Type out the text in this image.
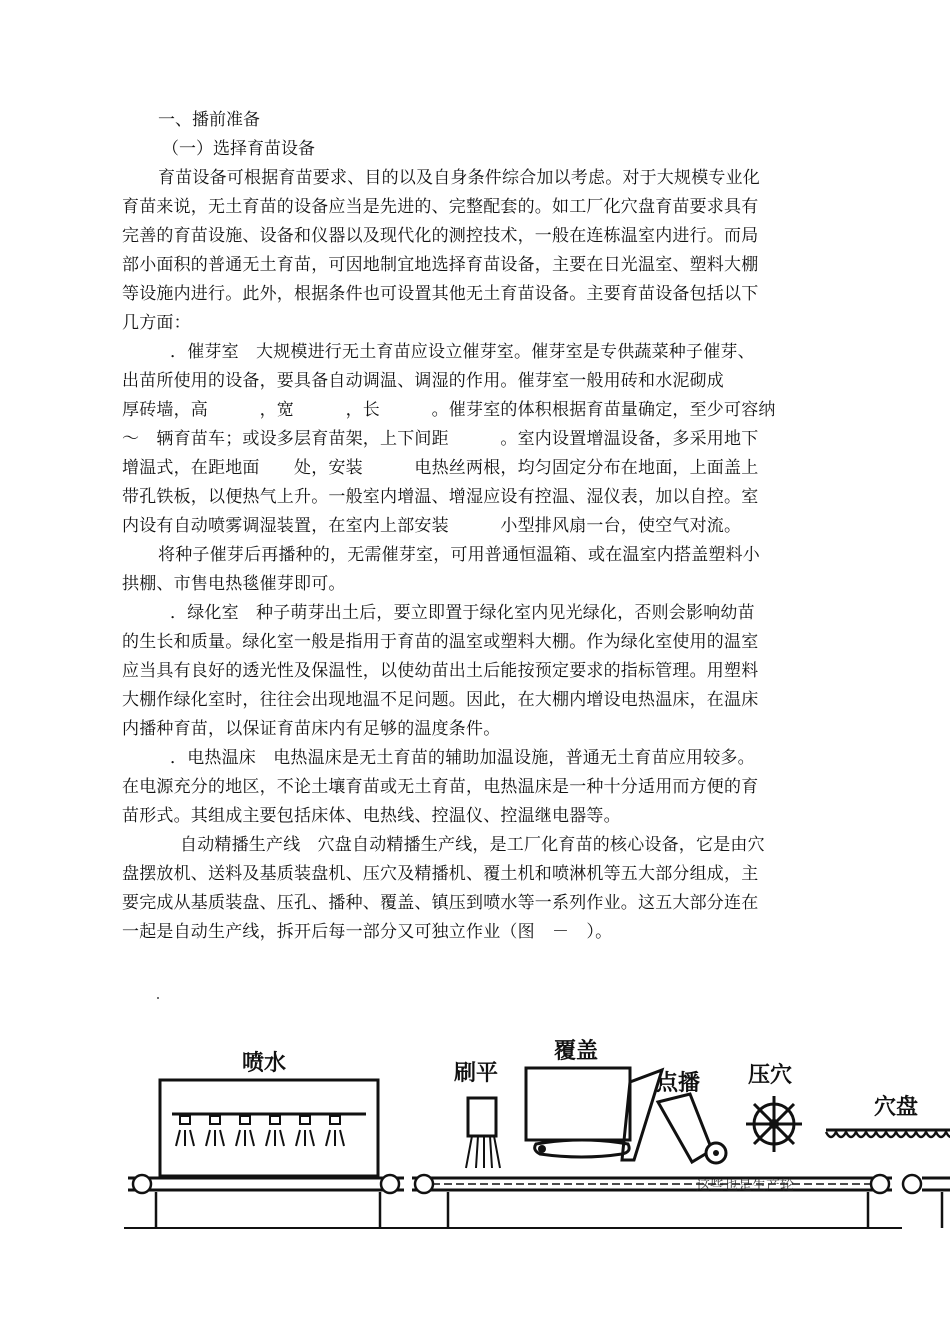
一、播前准备
（一）选择育苗设备
育苗设备可根据育苗要求、目的以及自身条件综合加以考虑。对于大规模专业化
育苗来说，无土育苗的设备应当是先进的、完整配套的。如工厂化穴盘育苗要求具有
完善的育苗设施、设备和仪器以及现代化的测控技术，一般在连栋温室内进行。而局
部小面积的普通无土育苗，可因地制宜地选择育苗设备，主要在日光温室、塑料大棚
等设施内进行。此外，根据条件也可设置其他无土育苗设备。主要育苗设备包括以下
几方面：
．催芽室　大规模进行无土育苗应设立催芽室。催芽室是专供蔬菜种子催芽、
出苗所使用的设备，要具备自动调温、调湿的作用。催芽室一般用砖和水泥砌成
厚砖墙，高　　　，宽　　　，长　　　。催芽室的体积根据育苗量确定，至少可容纳
～　辆育苗车；或设多层育苗架，上下间距　　　。室内设置增温设备，多采用地下
增温式，在距地面　　处，安装　　　电热丝两根，均匀固定分布在地面，上面盖上
带孔铁板，以便热气上升。一般室内增温、增湿应设有控温、湿仪表，加以自控。室
内设有自动喷雾调湿装置，在室内上部安装　　　小型排风扇一台，使空气对流。
将种子催芽后再播种的，无需催芽室，可用普通恒温箱、或在温室内搭盖塑料小
拱棚、市售电热毯催芽即可。
．绿化室　种子萌芽出土后，要立即置于绿化室内见光绿化，否则会影响幼苗
的生长和质量。绿化室一般是指用于育苗的温室或塑料大棚。作为绿化室使用的温室
应当具有良好的透光性及保温性，以使幼苗出土后能按预定要求的指标管理。用塑料
大棚作绿化室时，往往会出现地温不足问题。因此，在大棚内增设电热温床，在温床
内播种育苗，以保证育苗床内有足够的温度条件。
．电热温床　电热温床是无土育苗的辅助加温设施，普通无土育苗应用较多。
在电源充分的地区，不论土壤育苗或无土育苗，电热温床是一种十分适用而方便的育
苗形式。其组成主要包括床体、电热线、控温仪、控温继电器等。
自动精播生产线　穴盘自动精播生产线，是工厂化育苗的核心设备，它是由穴
盘摆放机、送料及基质装盘机、压穴及精播机、覆土机和喷淋机等五大部分组成，主
要完成从基质装盘、压孔、播种、覆盖、镇压到喷水等一系列作业。这五大部分连在
一起是自动生产线，拆开后每一部分又可独立作业（图　－　）。
喷水	刷平
覆盖
点播 压穴
穴盘
这些也是生产轮
